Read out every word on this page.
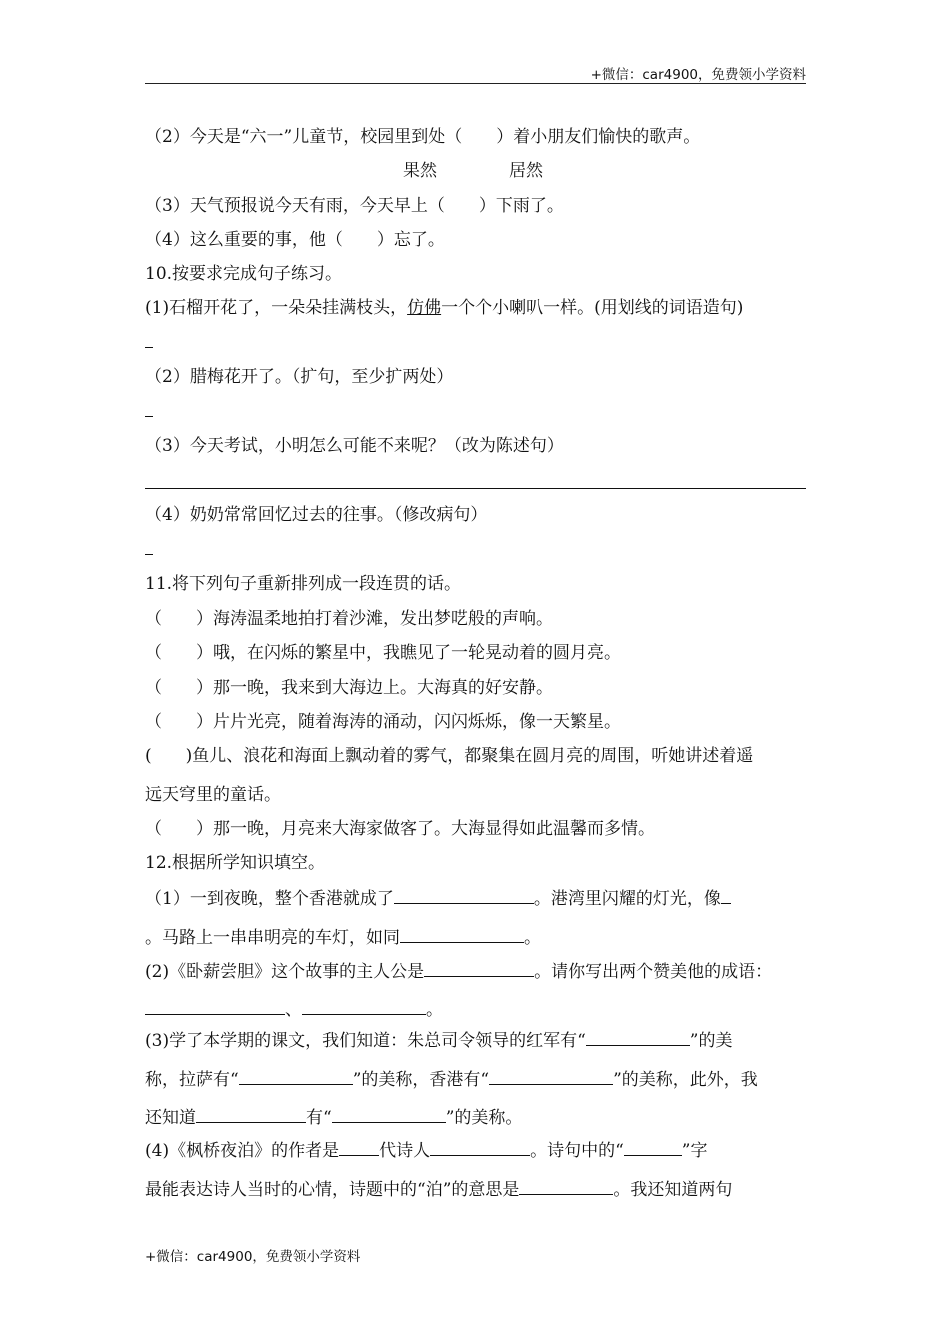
+微信：car4900，免费领小学资料
（2）今天是“六一”儿童节，校园里到处（　　）着小朋友们愉快的歌声。
果然	居然
（3）天气预报说今天有雨，今天早上（　　）下雨了。
（4）这么重要的事，他（　　）忘了。
10.按要求完成句子练习。
(1)石榴开花了，一朵朵挂满枝头，仿佛一个个小喇叭一样。(用划线的词语造句)
（2）腊梅花开了。（扩句，至少扩两处）
（3）今天考试，小明怎么可能不来呢？（改为陈述句）
（4）奶奶常常回忆过去的往事。（修改病句）
11.将下列句子重新排列成一段连贯的话。
（　　）海涛温柔地拍打着沙滩，发出梦呓般的声响。
（　　）哦，在闪烁的繁星中，我瞧见了一轮晃动着的圆月亮。
（　　）那一晚，我来到大海边上。大海真的好安静。
（　　）片片光亮，随着海涛的涌动，闪闪烁烁，像一天繁星。
(　　)鱼儿、浪花和海面上飘动着的雾气，都聚集在圆月亮的周围，听她讲述着遥
远天穹里的童话。
（　　）那一晚，月亮来大海家做客了。大海显得如此温馨而多情。
12.根据所学知识填空。
（1）一到夜晚，整个香港就成了	。港湾里闪耀的灯光，像
。马路上一串串明亮的车灯，如同	。
(2)《卧薪尝胆》这个故事的主人公是	。请你写出两个赞美他的成语：
、	。
(3)学了本学期的课文，我们知道：朱总司令领导的红军有“	”的美
称，拉萨有“	”的美称，香港有“	”的美称，此外，我
还知道	有“	”的美称。
(4)《枫桥夜泊》的作者是 代诗人	。诗句中的“	”字
最能表达诗人当时的心情，诗题中的“泊”的意思是	。我还知道两句
+微信：car4900，免费领小学资料
